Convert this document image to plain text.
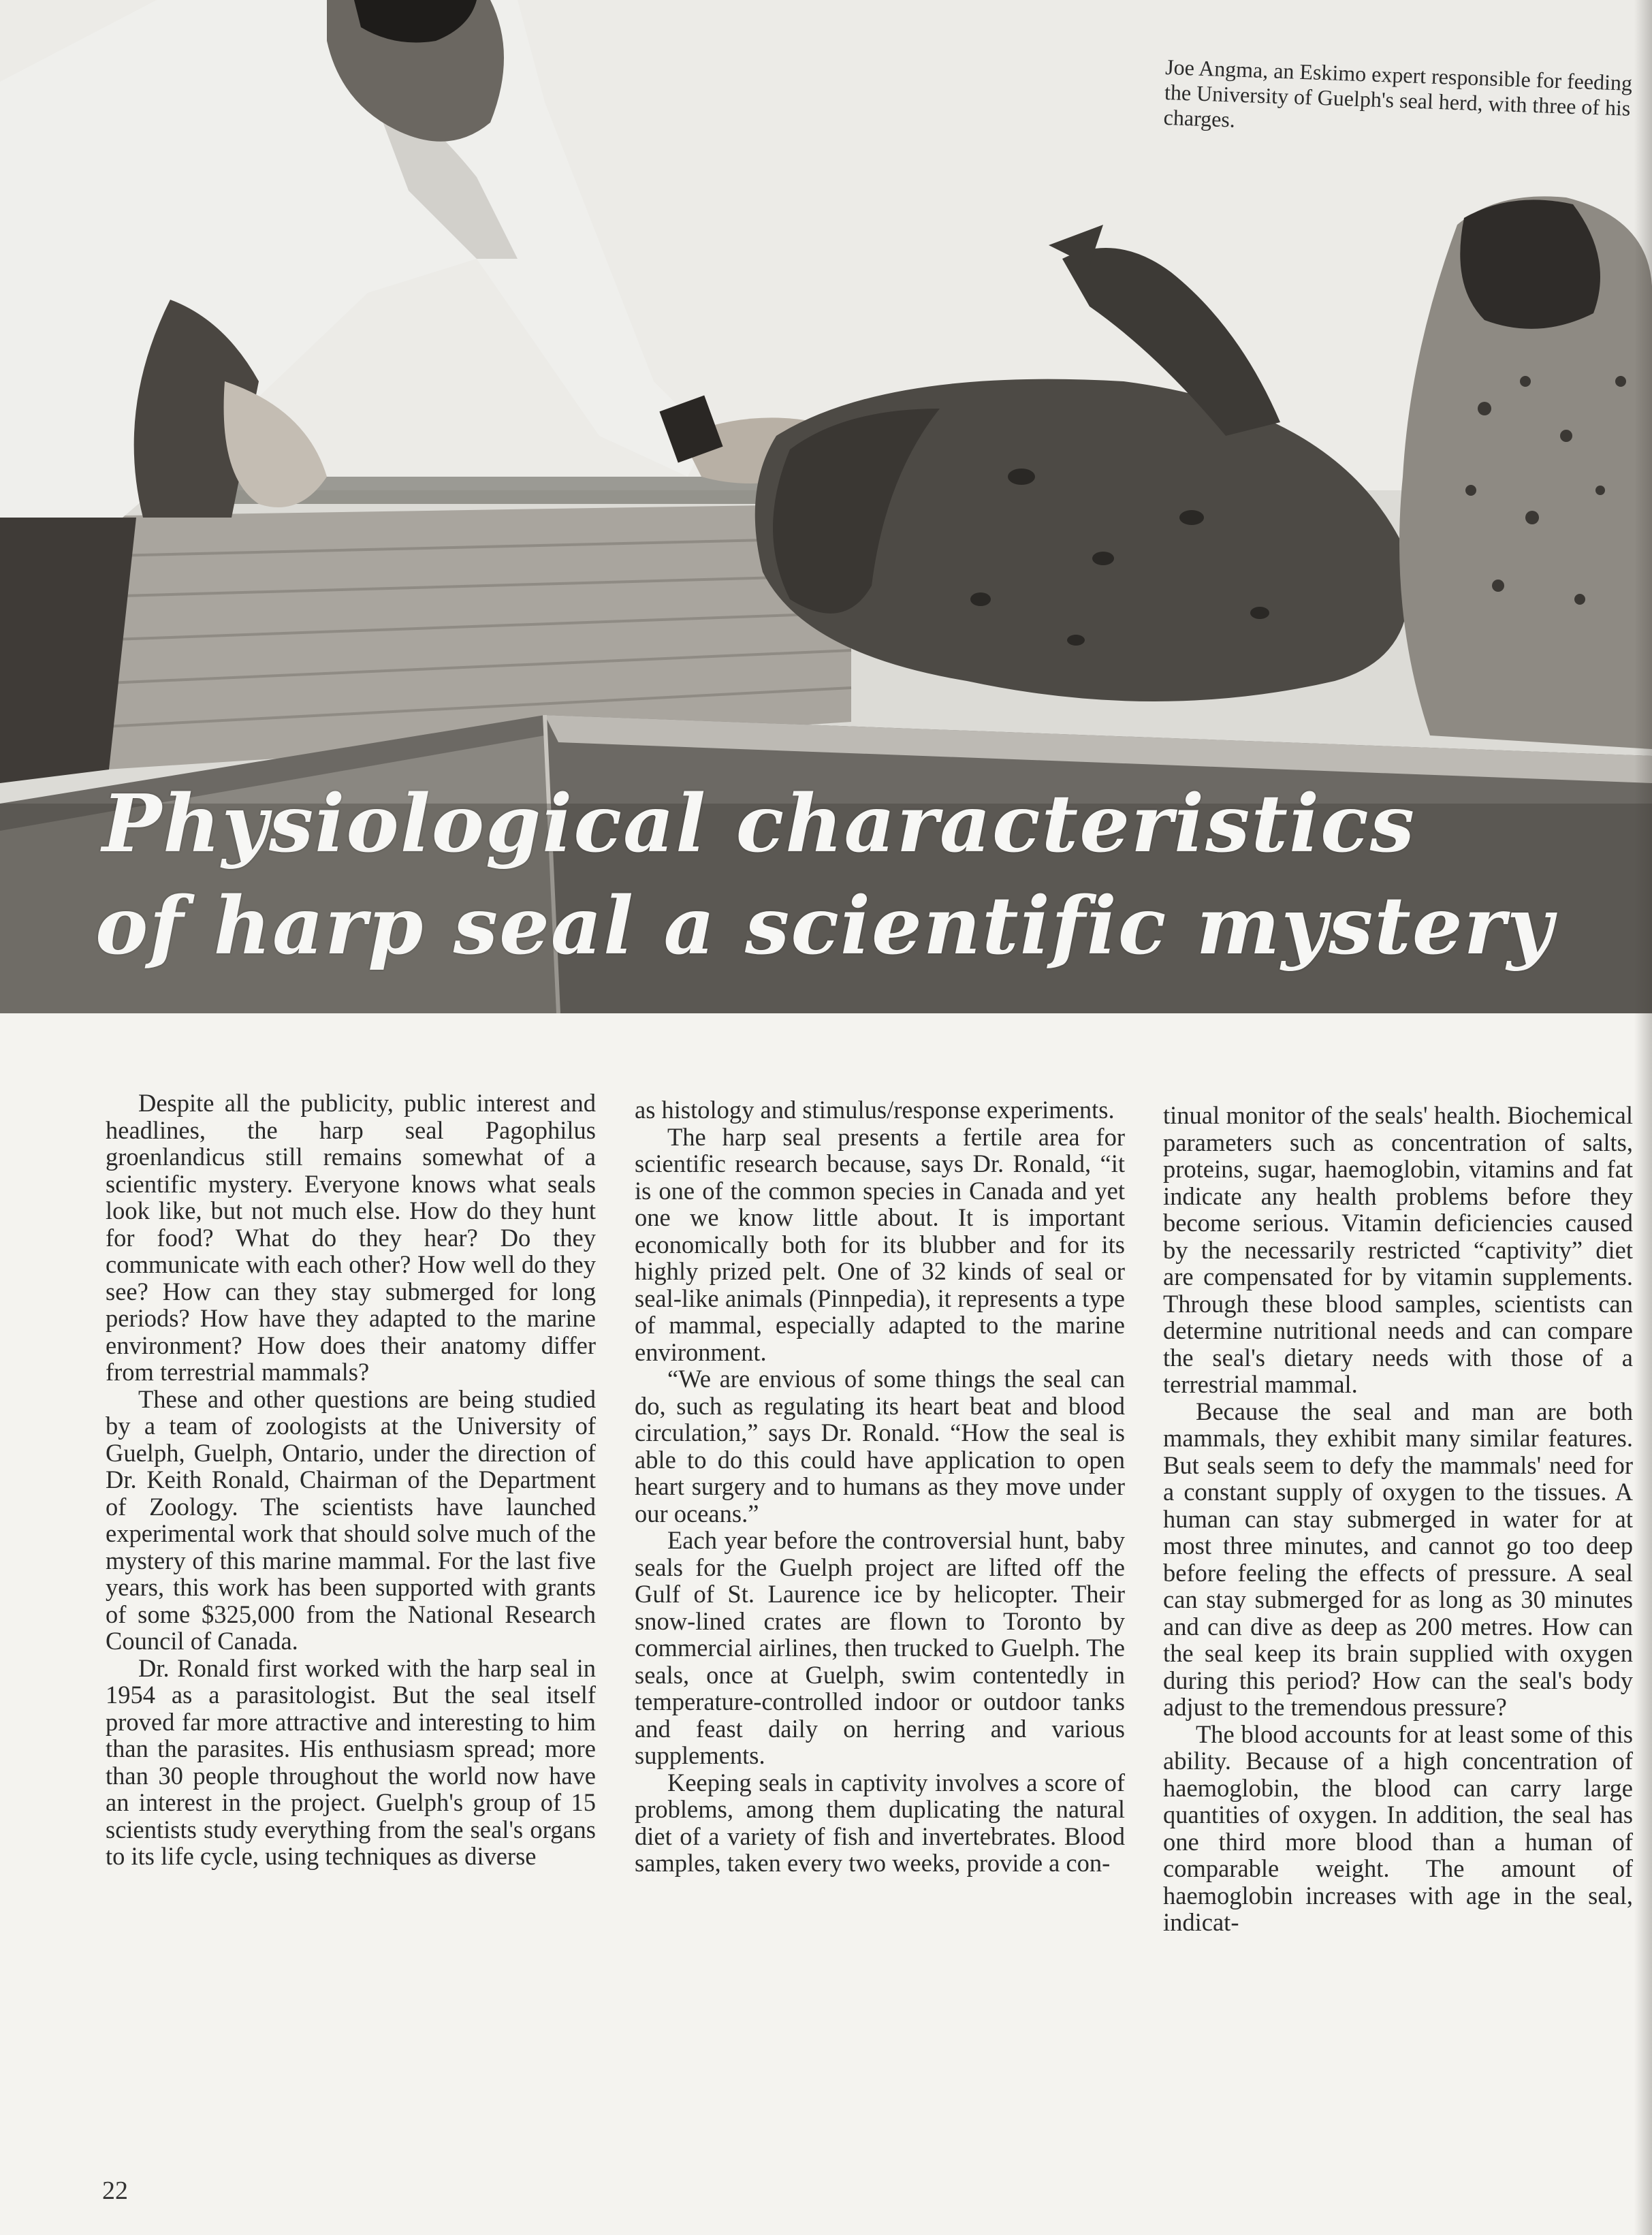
Joe Angma, an Eskimo expert responsible for feeding the University of Guelph's seal herd, with three of his charges.
Physiological characteristics
of harp seal a scientific mystery

Despite all the publicity, public interest and headlines, the harp seal Pagophilus groenlandicus still remains somewhat of a scientific mystery. Everyone knows what seals look like, but not much else. How do they hunt for food? What do they hear? Do they communicate with each other? How well do they see? How can they stay submerged for long periods? How have they adapted to the marine environment? How does their anatomy differ from terrestrial mammals?

These and other questions are being studied by a team of zoologists at the University of Guelph, Guelph, Ontario, under the direction of Dr. Keith Ronald, Chairman of the Department of Zoology. The scientists have launched experimental work that should solve much of the mystery of this marine mammal. For the last five years, this work has been supported with grants of some $325,000 from the National Research Council of Canada.

Dr. Ronald first worked with the harp seal in 1954 as a parasitologist. But the seal itself proved far more attractive and interesting to him than the parasites. His enthusiasm spread; more than 30 people throughout the world now have an interest in the project. Guelph's group of 15 scientists study everything from the seal's organs to its life cycle, using techniques as diverse

as histology and stimulus/response experiments.

The harp seal presents a fertile area for scientific research because, says Dr. Ronald, “it is one of the common species in Canada and yet one we know little about. It is important economically both for its blubber and for its highly prized pelt. One of 32 kinds of seal or seal-like animals (Pinnpedia), it represents a type of mammal, especially adapted to the marine environment.

“We are envious of some things the seal can do, such as regulating its heart beat and blood circulation,” says Dr. Ronald. “How the seal is able to do this could have application to open heart surgery and to humans as they move under our oceans.”

Each year before the controversial hunt, baby seals for the Guelph project are lifted off the Gulf of St. Laurence ice by helicopter. Their snow-lined crates are flown to Toronto by commercial airlines, then trucked to Guelph. The seals, once at Guelph, swim contentedly in temperature-controlled indoor or outdoor tanks and feast daily on herring and various supplements.

Keeping seals in captivity involves a score of problems, among them duplicating the natural diet of a variety of fish and invertebrates. Blood samples, taken every two weeks, provide a con-

tinual monitor of the seals' health. Biochemical parameters such as concentration of salts, proteins, sugar, haemoglobin, vitamins and fat indicate any health problems before they become serious. Vitamin deficiencies caused by the necessarily restricted “captivity” diet are compensated for by vitamin supplements. Through these blood samples, scientists can determine nutritional needs and can compare the seal's dietary needs with those of a terrestrial mammal.

Because the seal and man are both mammals, they exhibit many similar features. But seals seem to defy the mammals' need for a constant supply of oxygen to the tissues. A human can stay submerged in water for at most three minutes, and cannot go too deep before feeling the effects of pressure. A seal can stay submerged for as long as 30 minutes and can dive as deep as 200 metres. How can the seal keep its brain supplied with oxygen during this period? How can the seal's body adjust to the tremendous pressure?

The blood accounts for at least some of this ability. Because of a high concentration of haemoglobin, the blood can carry large quantities of oxygen. In addition, the seal has one third more blood than a human of comparable weight. The amount of haemoglobin increases with age in the seal, indicat-

22
